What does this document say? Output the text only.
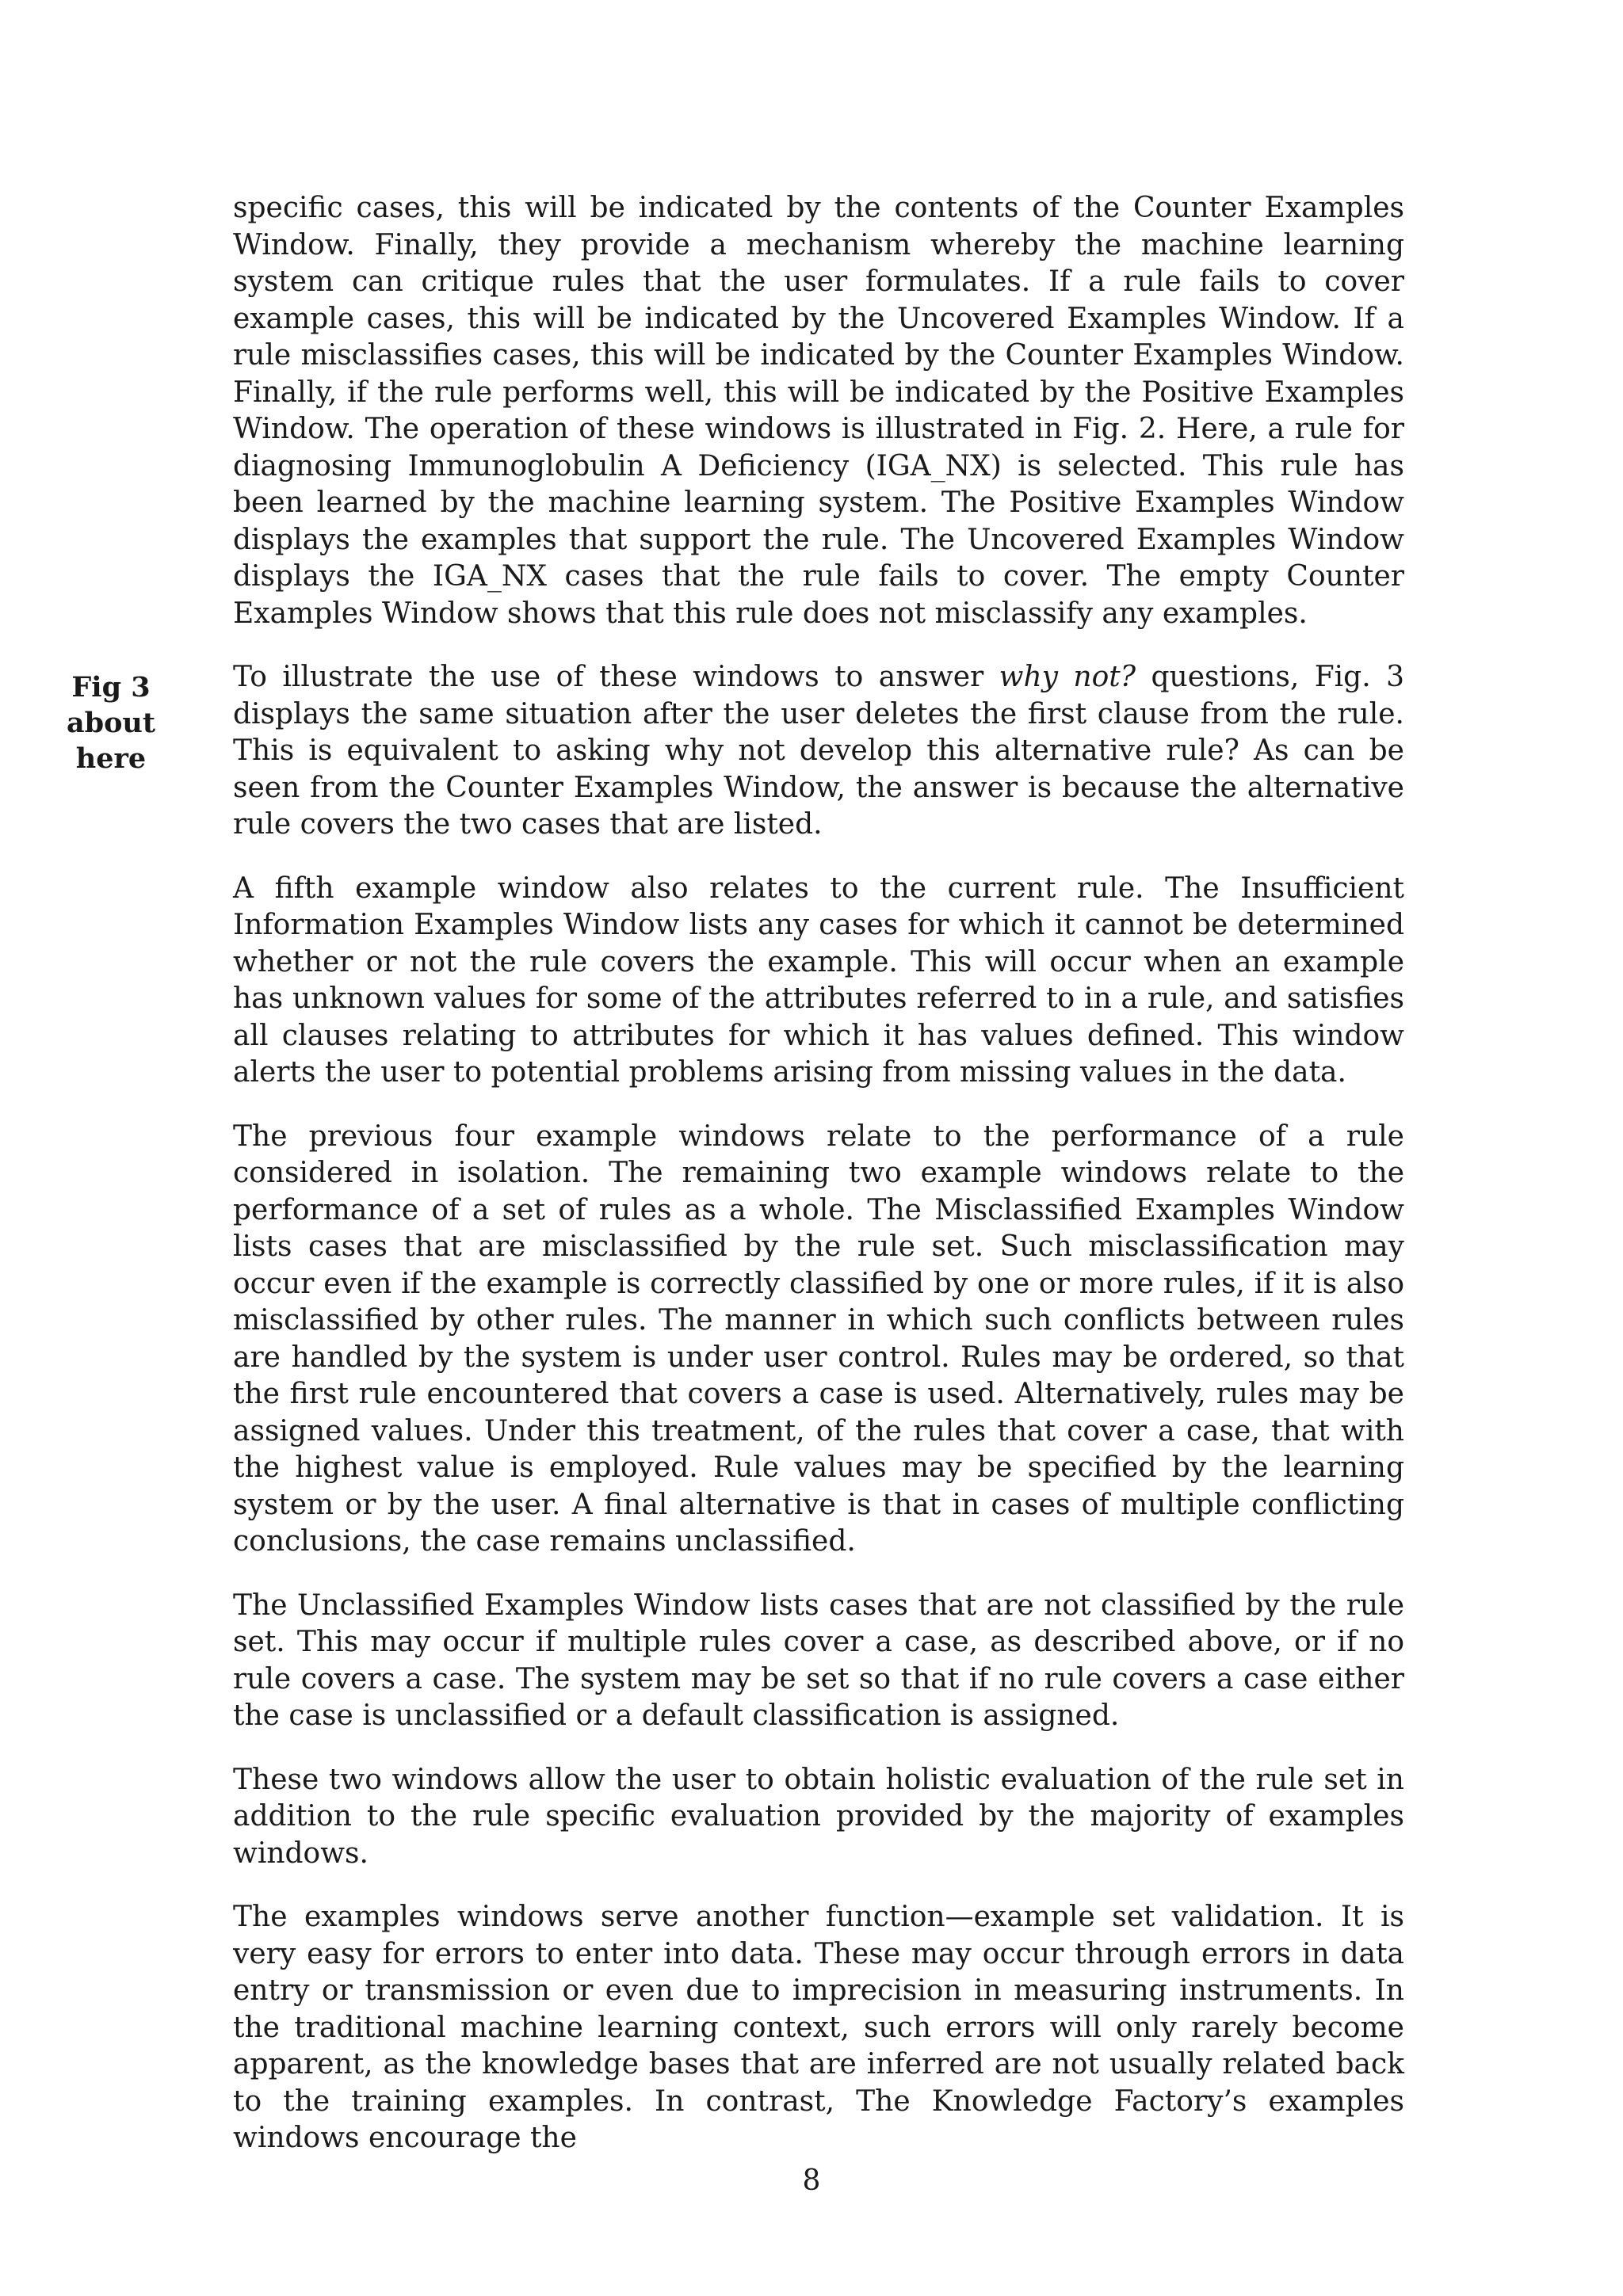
Fig 3
about
here

specific cases, this will be indicated by the contents of the Counter Examples Window. Finally, they provide a mechanism whereby the machine learning system can critique rules that the user formulates. If a rule fails to cover example cases, this will be indicated by the Uncovered Examples Window. If a rule misclassifies cases, this will be indicated by the Counter Examples Window. Finally, if the rule performs well, this will be indicated by the Positive Examples Window. The operation of these windows is illustrated in Fig. 2. Here, a rule for diagnosing Immunoglobulin A Deficiency (IGA_NX) is selected. This rule has been learned by the machine learning system. The Positive Examples Window displays the examples that support the rule. The Uncovered Examples Window displays the IGA_NX cases that the rule fails to cover. The empty Counter Examples Window shows that this rule does not misclassify any examples.

To illustrate the use of these windows to answer why not? questions, Fig. 3 displays the same situation after the user deletes the first clause from the rule. This is equivalent to asking why not develop this alternative rule? As can be seen from the Counter Examples Window, the answer is because the alternative rule covers the two cases that are listed.

A fifth example window also relates to the current rule. The Insufficient Information Examples Window lists any cases for which it cannot be determined whether or not the rule covers the example. This will occur when an example has unknown values for some of the attributes referred to in a rule, and satisfies all clauses relating to attributes for which it has values defined. This window alerts the user to potential problems arising from missing values in the data.

The previous four example windows relate to the performance of a rule considered in isolation. The remaining two example windows relate to the performance of a set of rules as a whole. The Misclassified Examples Window lists cases that are misclassified by the rule set. Such misclassification may occur even if the example is correctly classified by one or more rules, if it is also misclassified by other rules. The manner in which such conflicts between rules are handled by the system is under user control. Rules may be ordered, so that the first rule encountered that covers a case is used. Alternatively, rules may be assigned values. Under this treatment, of the rules that cover a case, that with the highest value is employed. Rule values may be specified by the learning system or by the user. A final alternative is that in cases of multiple conflicting conclusions, the case remains unclassified.

The Unclassified Examples Window lists cases that are not classified by the rule set. This may occur if multiple rules cover a case, as described above, or if no rule covers a case. The system may be set so that if no rule covers a case either the case is unclassified or a default classification is assigned.

These two windows allow the user to obtain holistic evaluation of the rule set in addition to the rule specific evaluation provided by the majority of examples windows.

The examples windows serve another function—example set validation. It is very easy for errors to enter into data. These may occur through errors in data entry or transmission or even due to imprecision in measuring instruments. In the traditional machine learning context, such errors will only rarely become apparent, as the knowledge bases that are inferred are not usually related back to the training examples. In contrast, The Knowledge Factory’s examples windows encourage the

8
